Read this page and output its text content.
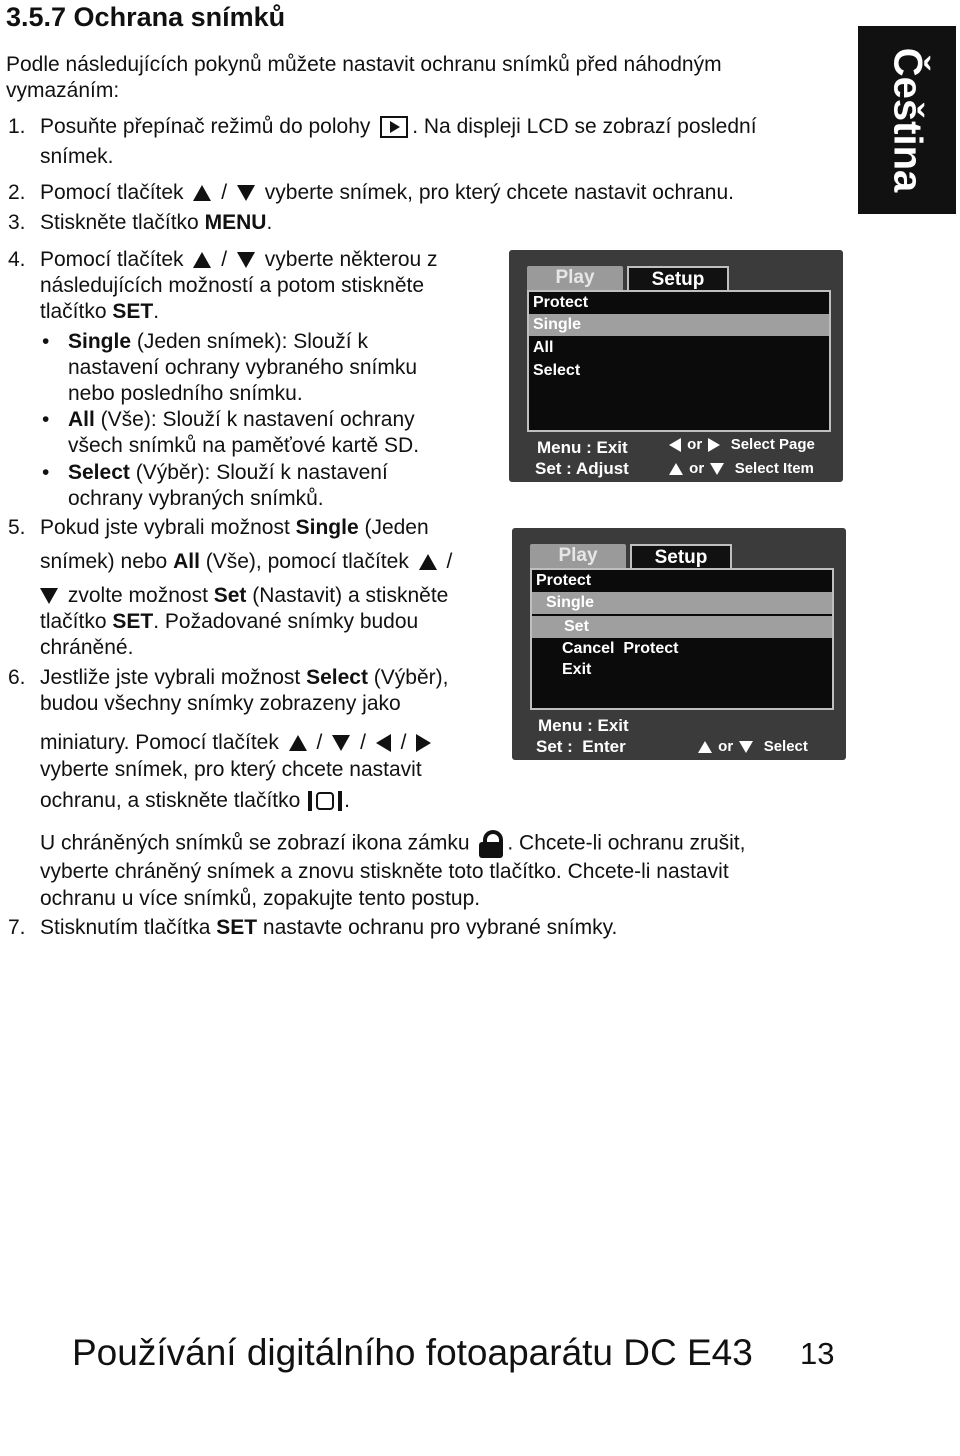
3.5.7 Ochrana snímků
Čeština
Podle následujících pokynů můžete nastavit ochranu snímků před náhodným
vymazáním:
1. Posuňte přepínač režimů do polohy . Na displeji LCD se zobrazí poslední
snímek.
2. Pomocí tlačítek / vyberte snímek, pro který chcete nastavit ochranu.
3. Stiskněte tlačítko MENU.
4. Pomocí tlačítek / vyberte některou z
následujících možností a potom stiskněte
tlačítko SET.
• Single (Jeden snímek): Slouží k
nastavení ochrany vybraného snímku
nebo posledního snímku.
• All (Vše): Slouží k nastavení ochrany
všech snímků na paměťové kartě SD.
• Select (Výběr): Slouží k nastavení
ochrany vybraných snímků.
5. Pokud jste vybrali možnost Single (Jeden
snímek) nebo All (Vše), pomocí tlačítek /
zvolte možnost Set (Nastavit) a stiskněte
tlačítko SET. Požadované snímky budou
chráněné.
6. Jestliže jste vybrali možnost Select (Výběr),
budou všechny snímky zobrazeny jako
miniatury. Pomocí tlačítek / / /
vyberte snímek, pro který chcete nastavit
ochranu, a stiskněte tlačítko .
U chráněných snímků se zobrazí ikona zámku . Chcete-li ochranu zrušit,
vyberte chráněný snímek a znovu stiskněte toto tlačítko. Chcete-li nastavit
ochranu u více snímků, zopakujte tento postup.
7. Stisknutím tlačítka SET nastavte ochranu pro vybrané snímky.
Play	Setup
Protect
Single
All
Select
Menu : Exit
Set : Adjust
or Select Page
or Select Item
Play	Setup
Protect
Single
Set
Cancel  Protect
Exit
Menu : Exit
Set :  Enter	or Select
Používání digitálního fotoaparátu DC E43 13
